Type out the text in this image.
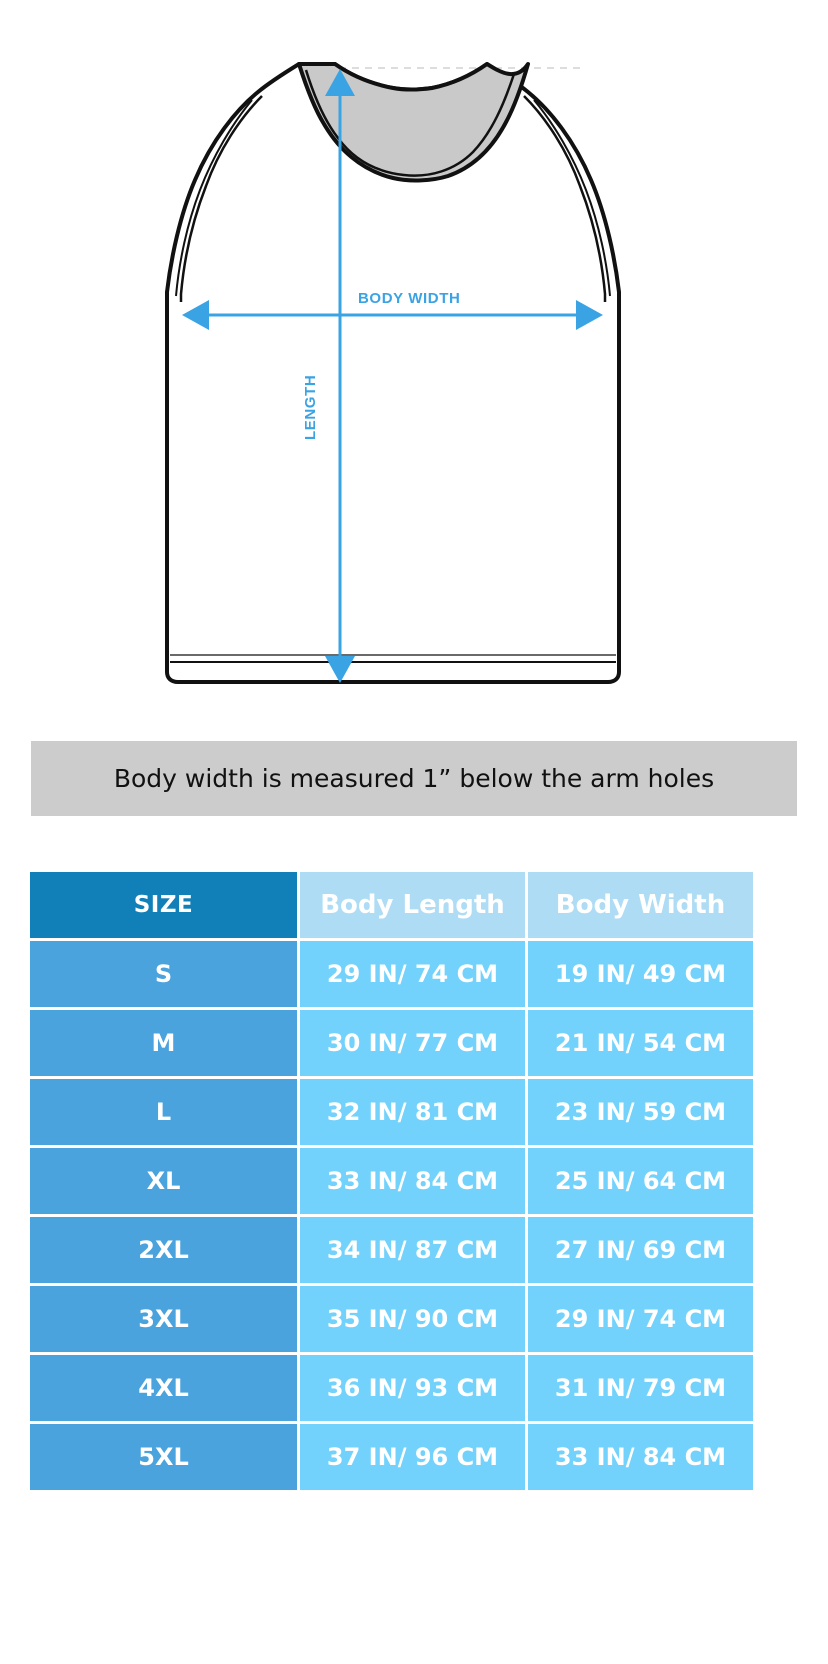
BODY WIDTH
LENGTH
Body width is measured 1” below the arm holes
SIZE	Body Length	Body Width
S	29 IN/ 74 CM	19 IN/ 49 CM
M	30 IN/ 77 CM	21 IN/ 54 CM
L	32 IN/ 81 CM	23 IN/ 59 CM
XL	33 IN/ 84 CM	25 IN/ 64 CM
2XL	34 IN/ 87 CM	27 IN/ 69 CM
3XL	35 IN/ 90 CM	29 IN/ 74 CM
4XL	36 IN/ 93 CM	31 IN/ 79 CM
5XL	37 IN/ 96 CM	33 IN/ 84 CM
